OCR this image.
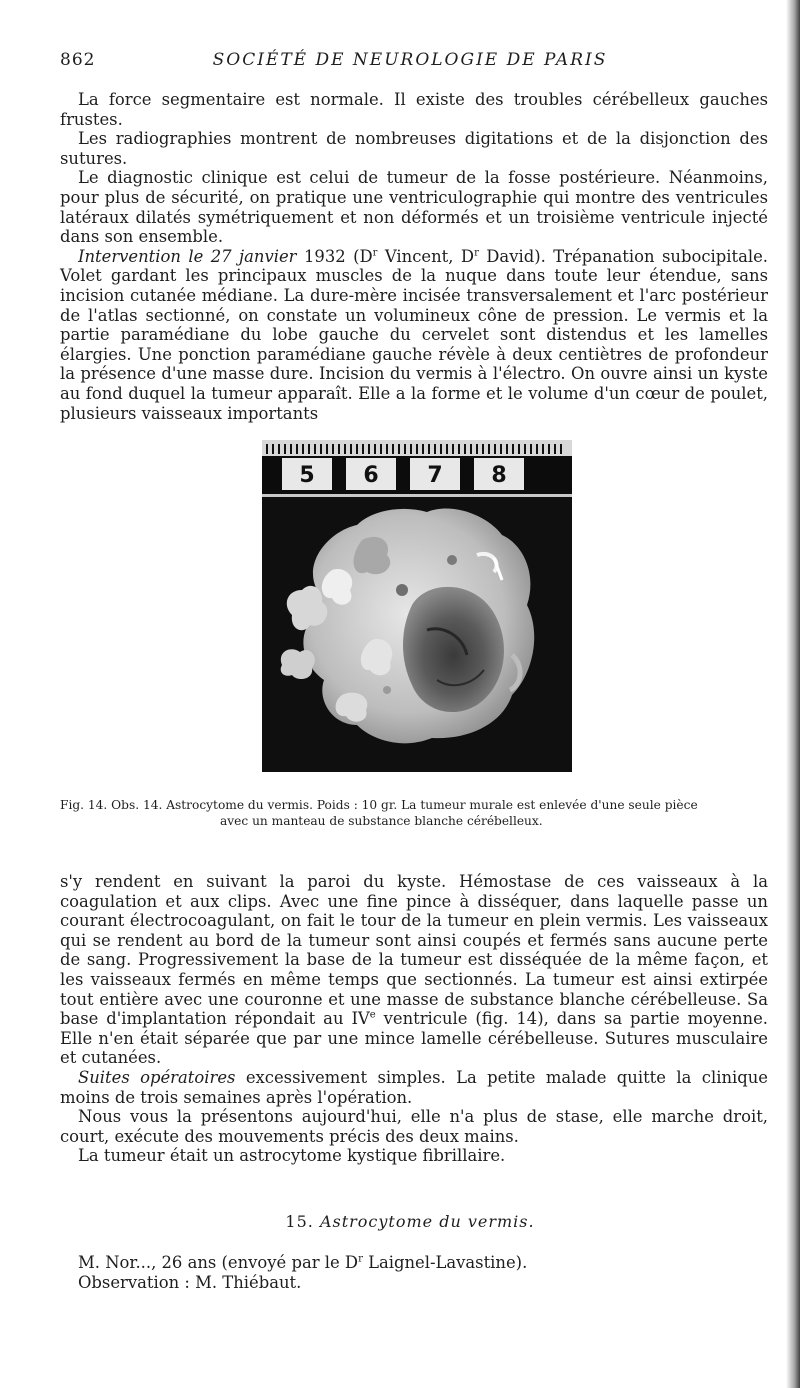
862	SOCIÉTÉ DE NEUROLOGIE DE PARIS

La force segmentaire est normale. Il existe des troubles cérébelleux gauches frustes.

Les radiographies montrent de nombreuses digitations et de la disjonction des sutures.

Le diagnostic clinique est celui de tumeur de la fosse postérieure. Néanmoins, pour plus de sécurité, on pratique une ventriculographie qui montre des ventricules latéraux dilatés symétriquement et non déformés et un troisième ventricule injecté dans son ensemble.

Intervention le 27 janvier 1932 ($D^r$ Vincent, $D^r$ David). Trépanation subocipitale. Volet gardant les principaux muscles de la nuque dans toute leur étendue, sans incision cutanée médiane. La dure-mère incisée transversalement et l'arc postérieur de l'atlas sectionné, on constate un volumineux cône de pression. Le vermis et la partie paramédiane du lobe gauche du cervelet sont distendus et les lamelles élargies. Une ponction paramédiane gauche révèle à deux centiètres de profondeur la présence d'une masse dure. Incision du vermis à l'électro. On ouvre ainsi un kyste au fond duquel la tumeur apparaît. Elle a la forme et le volume d'un cœur de poulet, plusieurs vaisseaux importants

5 6 7 8

Fig. 14. Obs. 14. Astrocytome du vermis. Poids : 10 gr. La tumeur murale est enlevée d'une seule pièce

avec un manteau de substance blanche cérébelleux.

s'y rendent en suivant la paroi du kyste. Hémostase de ces vaisseaux à la coagulation et aux clips. Avec une fine pince à disséquer, dans laquelle passe un courant électrocoagulant, on fait le tour de la tumeur en plein vermis. Les vaisseaux qui se rendent au bord de la tumeur sont ainsi coupés et fermés sans aucune perte de sang. Progressivement la base de la tumeur est disséquée de la même façon, et les vaisseaux fermés en même temps que sectionnés. La tumeur est ainsi extirpée tout entière avec une couronne et une masse de substance blanche cérébelleuse. Sa base d'implantation répondait au IVe ventricule (fig. 14), dans sa partie moyenne. Elle n'en était séparée que par une mince lamelle cérébelleuse. Sutures musculaire et cutanées.

Suites opératoires excessivement simples. La petite malade quitte la clinique moins de trois semaines après l'opération.

Nous vous la présentons aujourd'hui, elle n'a plus de stase, elle marche droit, court, exécute des mouvements précis des deux mains.

La tumeur était un astrocytome kystique fibrillaire.

15. Astrocytome du vermis.

M. Nor..., 26 ans (envoyé par le $D^r$ Laignel-Lavastine).

Observation : M. Thiébaut.
